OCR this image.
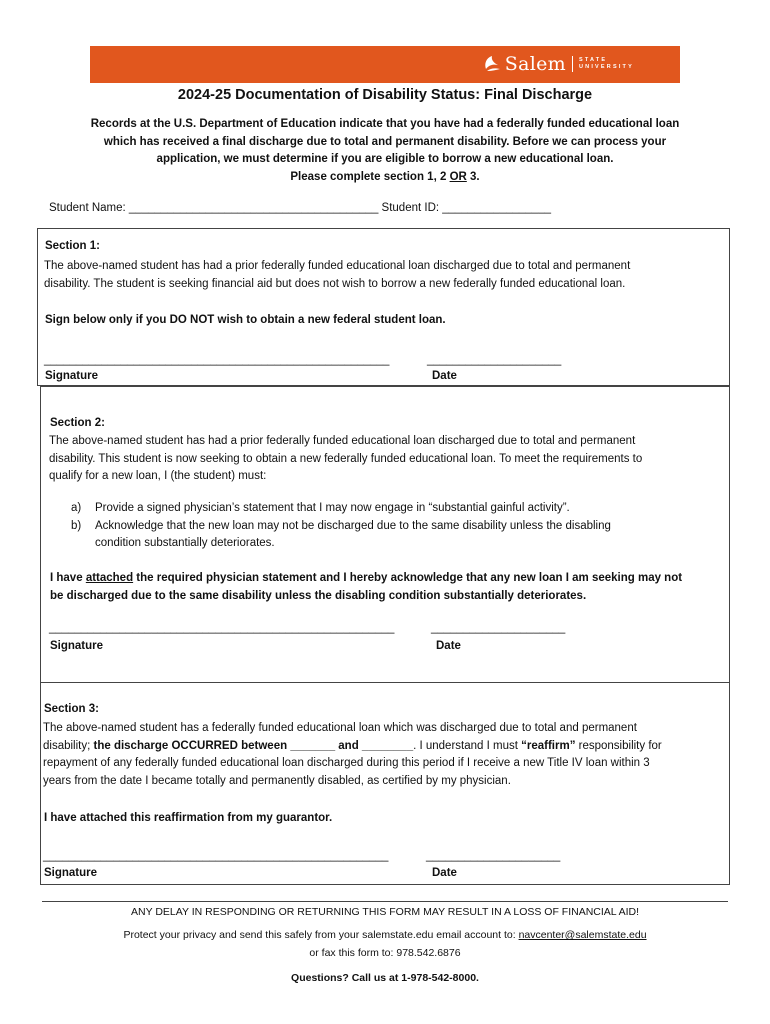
Salem STATE
UNIVERSITY
2024-25 Documentation of Disability Status: Final Discharge
Records at the U.S. Department of Education indicate that you have had a federally funded educational loan
which has received a final discharge due to total and permanent disability. Before we can process your
application, we must determine if you are eligible to borrow a new educational loan.
Please complete section 1, 2 OR 3.
Student Name: _______________________________________ Student ID: _________________
Section 1:
The above-named student has had a prior federally funded educational loan discharged due to total and permanent
disability. The student is seeking financial aid but does not wish to borrow a new federally funded educational loan.
Sign below only if you DO NOT wish to obtain a new federal student loan.
______________________________________________________	_____________________
Signature	Date
Section 2:
The above-named student has had a prior federally funded educational loan discharged due to total and permanent
disability. This student is now seeking to obtain a new federally funded educational loan. To meet the requirements to
qualify for a new loan, I (the student) must:
a) Provide a signed physician’s statement that I may now engage in “substantial gainful activity”.
b) Acknowledge that the new loan may not be discharged due to the same disability unless the disabling
condition substantially deteriorates.
I have attached the required physician statement and I hereby acknowledge that any new loan I am seeking may not
be discharged due to the same disability unless the disabling condition substantially deteriorates.
______________________________________________________	_____________________
Signature	Date
Section 3:
The above-named student has a federally funded educational loan which was discharged due to total and permanent
disability; the discharge OCCURRED between _______ and ________. I understand I must “reaffirm” responsibility for
repayment of any federally funded educational loan discharged during this period if I receive a new Title IV loan within 3
years from the date I became totally and permanently disabled, as certified by my physician.
I have attached this reaffirmation from my guarantor.
______________________________________________________	_____________________
Signature	Date
ANY DELAY IN RESPONDING OR RETURNING THIS FORM MAY RESULT IN A LOSS OF FINANCIAL AID!
Protect your privacy and send this safely from your salemstate.edu email account to: navcenter@salemstate.edu
or fax this form to: 978.542.6876
Questions? Call us at 1-978-542-8000.
